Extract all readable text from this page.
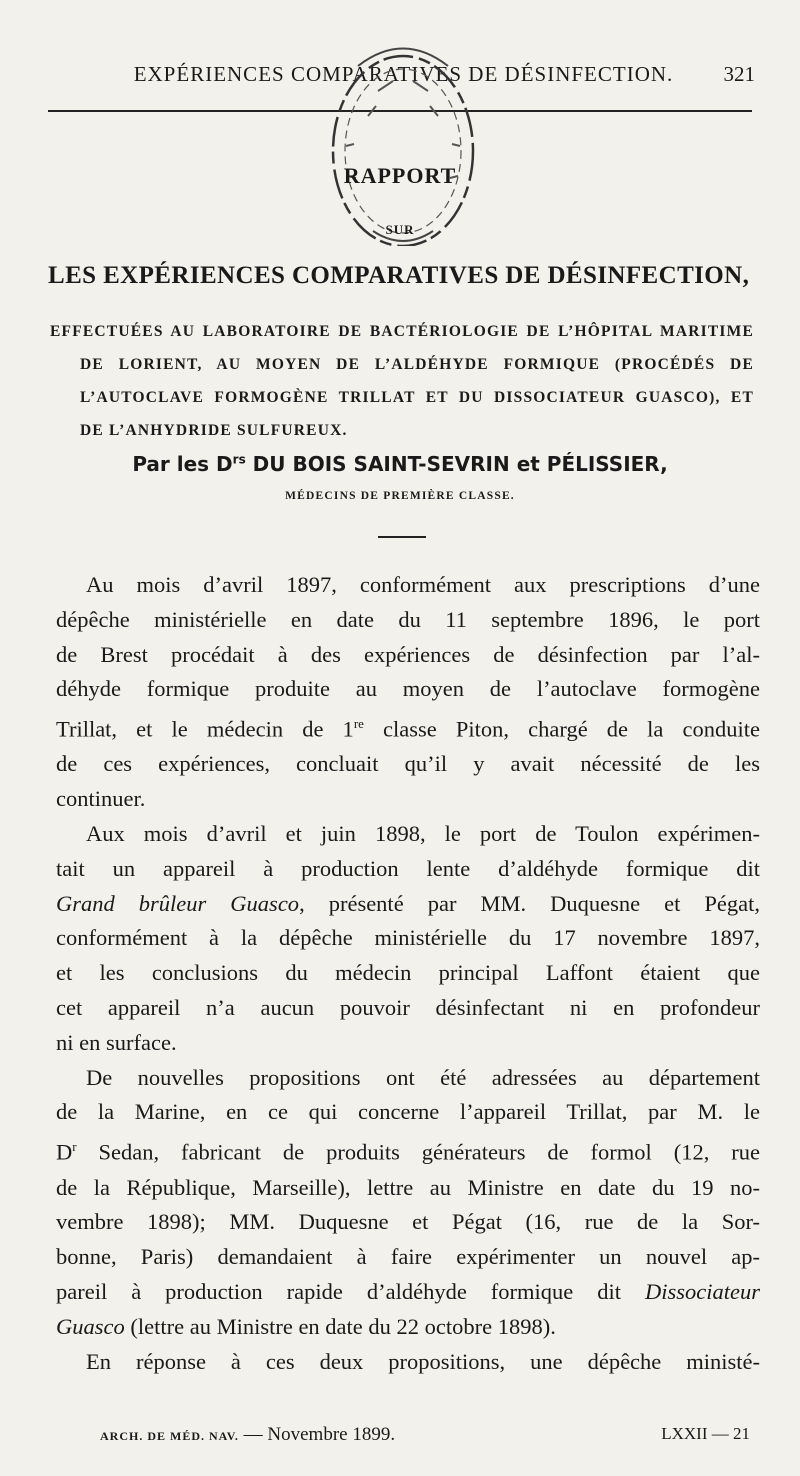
EXPÉRIENCES COMPARATIVES DE DÉSINFECTION. 321
RAPPORT
SUR
LES EXPÉRIENCES COMPARATIVES DE DÉSINFECTION,
EFFECTUÉES AU LABORATOIRE DE BACTÉRIOLOGIE DE L’HÔPITAL MARITIME
DE LORIENT, AU MOYEN DE L’ALDÉHYDE FORMIQUE (PROCÉDÉS DE
L’AUTOCLAVE FORMOGÈNE TRILLAT ET DU DISSOCIATEUR GUASCO), ET
DE L’ANHYDRIDE SULFUREUX.
Par les $D^{rs}$ DU BOIS SAINT-SEVRIN et PÉLISSIER,
MÉDECINS DE PREMIÈRE CLASSE.

Au mois d’avril 1897, conformément aux prescriptions d’une
dépêche ministérielle en date du 11 septembre 1896, le port
de Brest procédait à des expériences de désinfection par l’al-
déhyde formique produite au moyen de l’autoclave formogène
Trillat, et le médecin de 1re classe Piton, chargé de la conduite
de ces expériences, concluait qu’il y avait nécessité de les
continuer.

Aux mois d’avril et juin 1898, le port de Toulon expérimen-
tait un appareil à production lente d’aldéhyde formique dit
Grand brûleur Guasco, présenté par MM. Duquesne et Pégat,
conformément à la dépêche ministérielle du 17 novembre 1897,
et les conclusions du médecin principal Laffont étaient que
cet appareil n’a aucun pouvoir désinfectant ni en profondeur
ni en surface.

De nouvelles propositions ont été adressées au département
de la Marine, en ce qui concerne l’appareil Trillat, par M. le
$D^r$ Sedan, fabricant de produits générateurs de formol (12, rue
de la République, Marseille), lettre au Ministre en date du 19 no-
vembre 1898); MM. Duquesne et Pégat (16, rue de la Sor-
bonne, Paris) demandaient à faire expérimenter un nouvel ap-
pareil à production rapide d’aldéhyde formique dit Dissociateur
Guasco (lettre au Ministre en date du 22 octobre 1898).

En réponse à ces deux propositions, une dépêche ministé-

ARCH. DE MÉD. NAV. — Novembre 1899.	LXXII — 21
